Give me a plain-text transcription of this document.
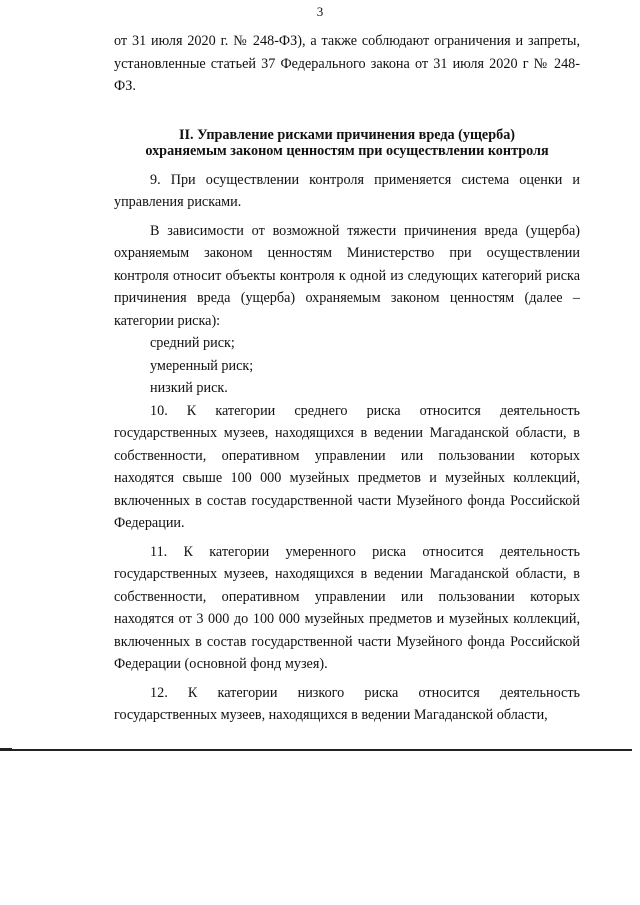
3

от 31 июля 2020 г. № 248-ФЗ), а также соблюдают ограничения и запреты, установленные статьей 37 Федерального закона от 31 июля 2020 г № 248-ФЗ.

II. Управление рисками причинения вреда (ущерба)
охраняемым законом ценностям при осуществлении контроля

9. При осуществлении контроля применяется система оценки и управления рисками.

В зависимости от возможной тяжести причинения вреда (ущерба) охраняемым законом ценностям Министерство при осуществлении контроля относит объекты контроля к одной из следующих категорий риска причинения вреда (ущерба) охраняемым законом ценностям (далее – категории риска):

средний риск;

умеренный риск;

низкий риск.

10. К категории среднего риска относится деятельность государственных музеев, находящихся в ведении Магаданской области, в собственности, оперативном управлении или пользовании которых находятся свыше 100 000 музейных предметов и музейных коллекций, включенных в состав государственной части Музейного фонда Российской Федерации.

11. К категории умеренного риска относится деятельность государственных музеев, находящихся в ведении Магаданской области, в собственности, оперативном управлении или пользовании которых находятся от 3 000 до 100 000 музейных предметов и музейных коллекций, включенных в состав государственной части Музейного фонда Российской Федерации (основной фонд музея).

12. К категории низкого риска относится деятельность государственных музеев, находящихся в ведении Магаданской области,
